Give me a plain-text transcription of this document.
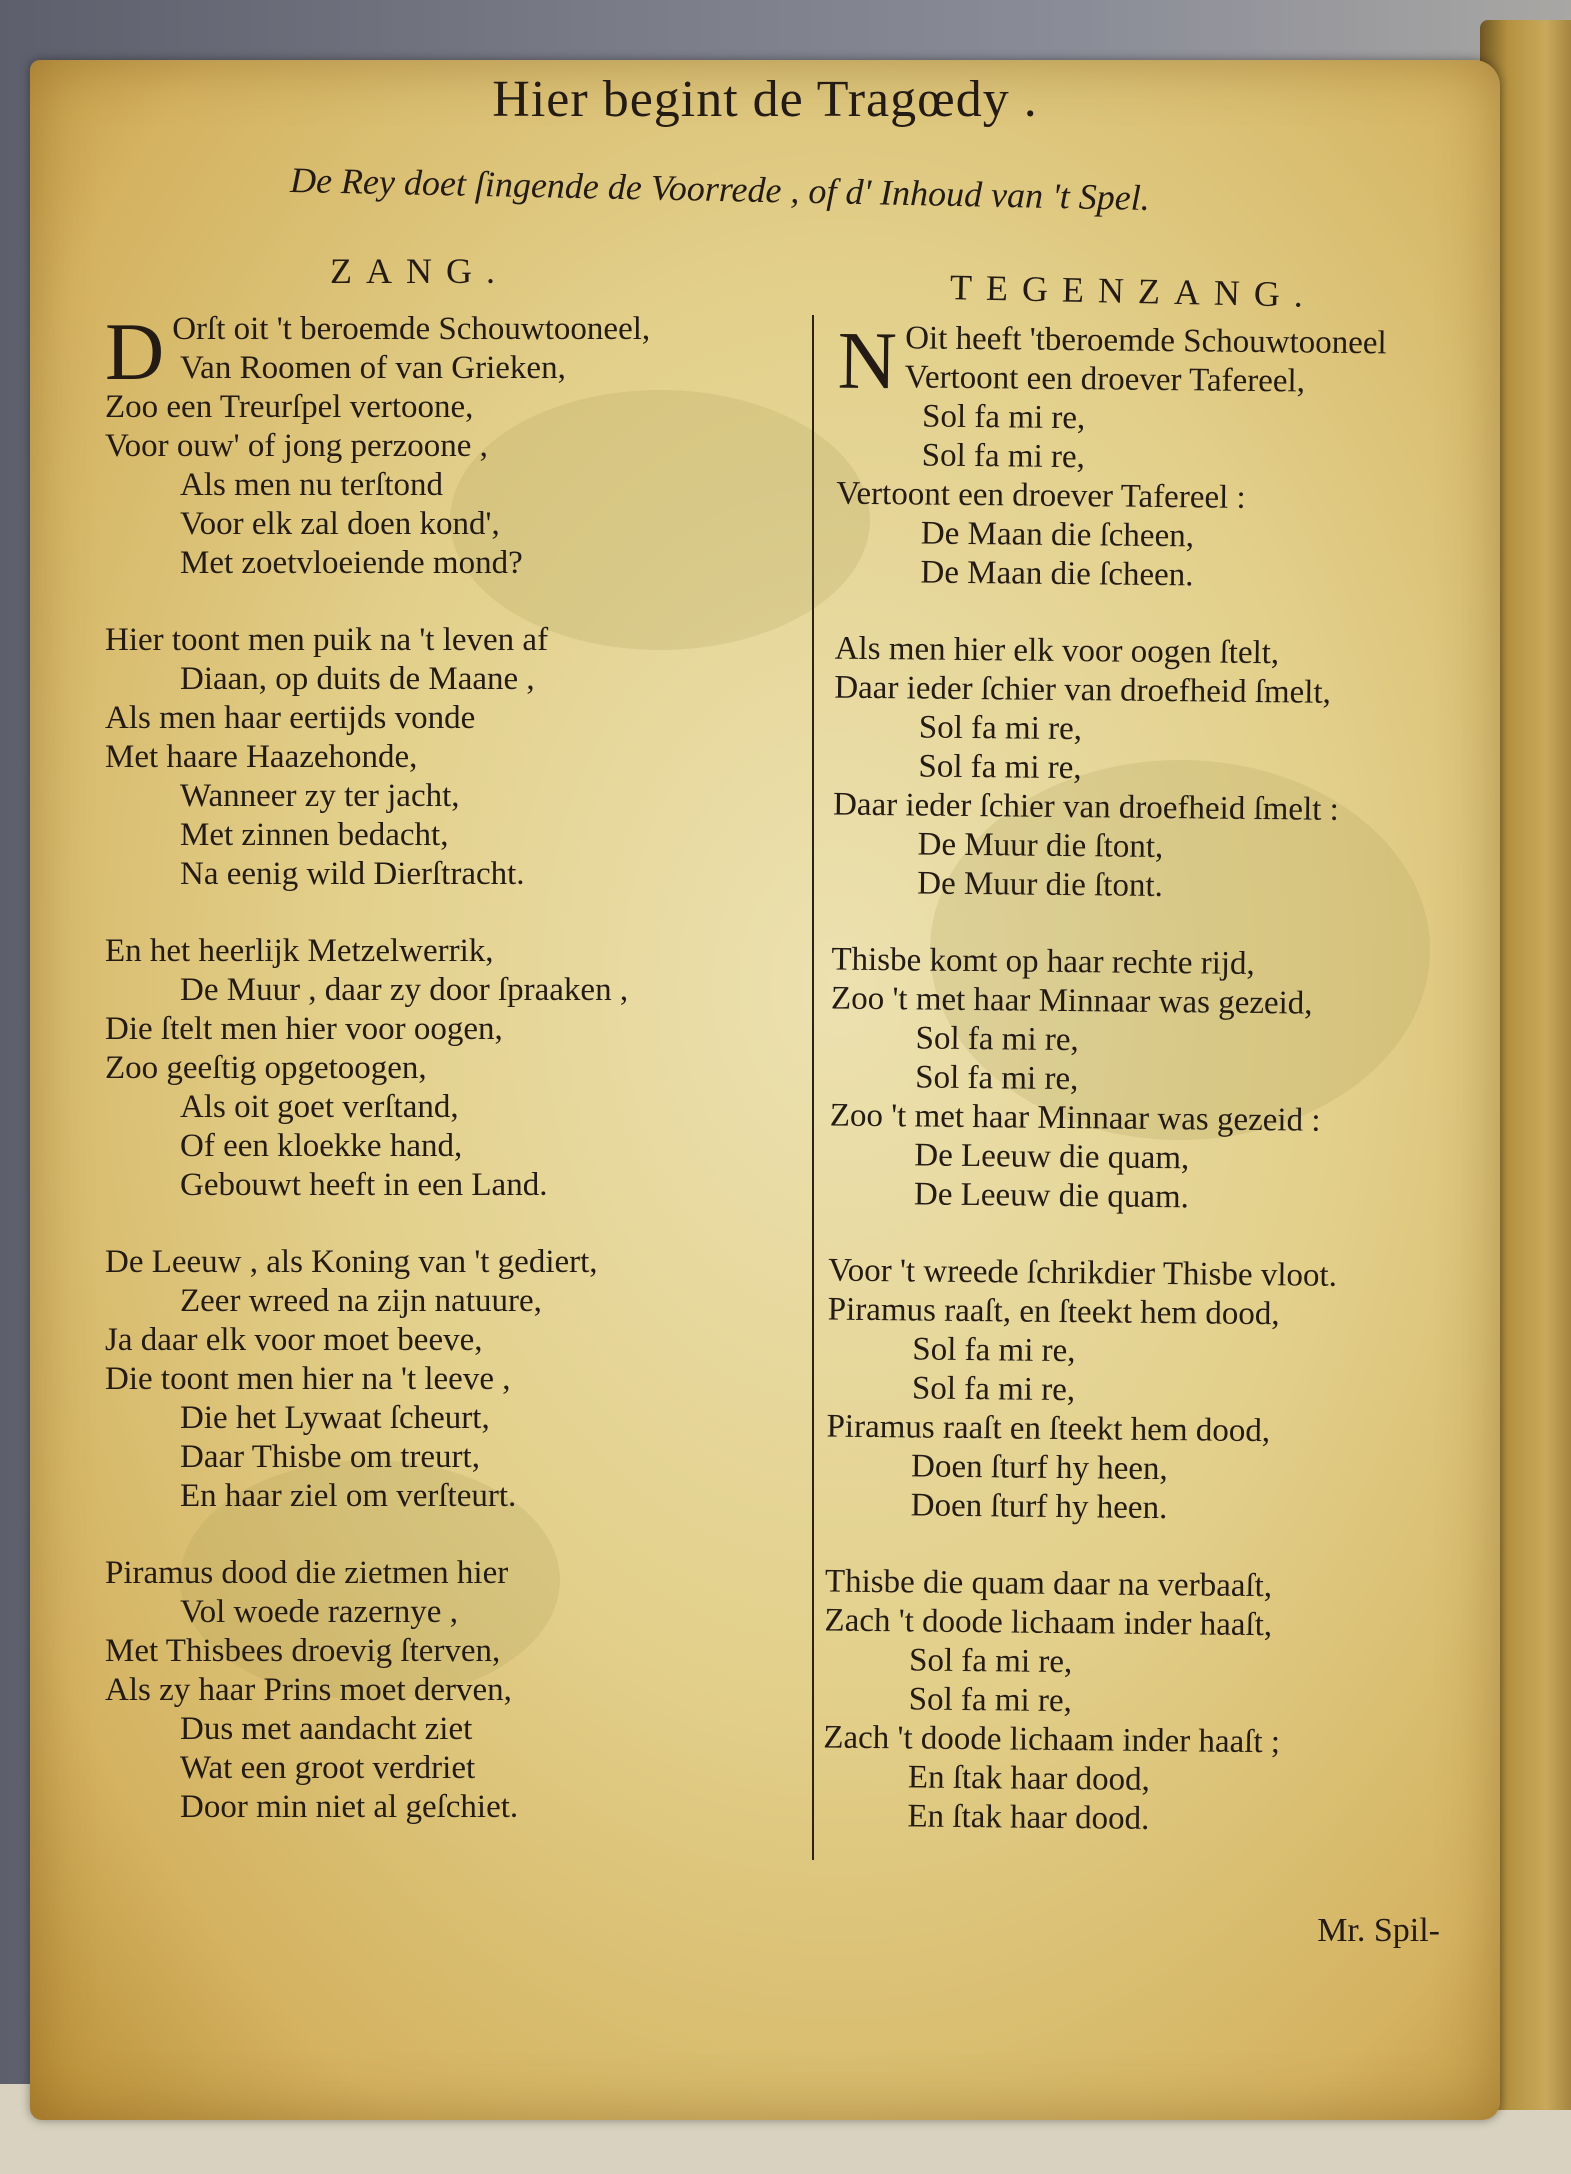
Hier begint de Tragœdy .
De Rey doet ſingende de Voorrede , of d' Inhoud van 't Spel.
ZANG.	TEGENZANG.
D Orſt oit 't beroemde Schouwtooneel,
Van Roomen of van Grieken,
Zoo een Treurſpel vertoone,
Voor ouw' of jong perzoone ,
Als men nu terſtond
Voor elk zal doen kond',
Met zoetvloeiende mond?
Hier toont men puik na 't leven af
Diaan, op duits de Maane ,
Als men haar eertijds vonde
Met haare Haazehonde,
Wanneer zy ter jacht,
Met zinnen bedacht,
Na eenig wild Dierſtracht.
En het heerlijk Metzelwerrik,
De Muur , daar zy door ſpraaken ,
Die ſtelt men hier voor oogen,
Zoo geeſtig opgetoogen,
Als oit goet verſtand,
Of een kloekke hand,
Gebouwt heeft in een Land.
De Leeuw , als Koning van 't gediert,
Zeer wreed na zijn natuure,
Ja daar elk voor moet beeve,
Die toont men hier na 't leeve ,
Die het Lywaat ſcheurt,
Daar Thisbe om treurt,
En haar ziel om verſteurt.
Piramus dood die zietmen hier
Vol woede razernye ,
Met Thisbees droevig ſterven,
Als zy haar Prins moet derven,
Dus met aandacht ziet
Wat een groot verdriet
Door min niet al geſchiet.
N Oit heeft 'tberoemde Schouwtooneel
Vertoont een droever Tafereel,
Sol fa mi re,
Sol fa mi re,
Vertoont een droever Tafereel :
De Maan die ſcheen,
De Maan die ſcheen.
Als men hier elk voor oogen ſtelt,
Daar ieder ſchier van droefheid ſmelt,
Sol fa mi re,
Sol fa mi re,
Daar ieder ſchier van droefheid ſmelt :
De Muur die ſtont,
De Muur die ſtont.
Thisbe komt op haar rechte rijd,
Zoo 't met haar Minnaar was gezeid,
Sol fa mi re,
Sol fa mi re,
Zoo 't met haar Minnaar was gezeid :
De Leeuw die quam,
De Leeuw die quam.
Voor 't wreede ſchrikdier Thisbe vloot.
Piramus raaſt, en ſteekt hem dood,
Sol fa mi re,
Sol fa mi re,
Piramus raaſt en ſteekt hem dood,
Doen ſturf hy heen,
Doen ſturf hy heen.
Thisbe die quam daar na verbaaſt,
Zach 't doode lichaam inder haaſt,
Sol fa mi re,
Sol fa mi re,
Zach 't doode lichaam inder haaſt ;
En ſtak haar dood,
En ſtak haar dood.
Mr. Spil-
